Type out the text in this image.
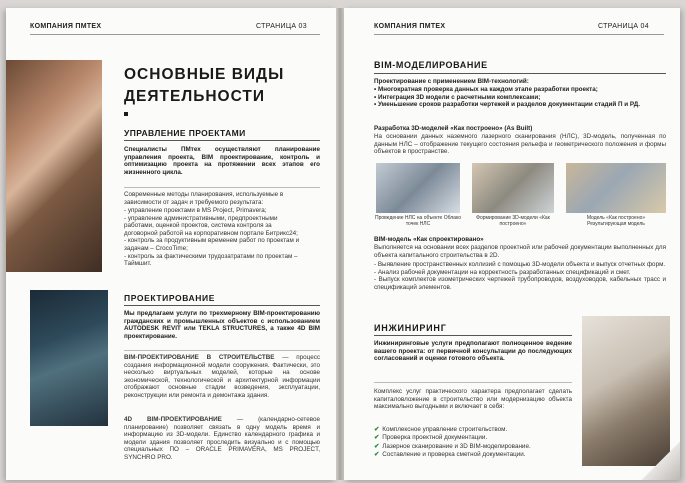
КОМПАНИЯ ПМТЕХ	СТРАНИЦА 03
ОСНОВНЫЕ ВИДЫ
ДЕЯТЕЛЬНОСТИ
УПРАВЛЕНИЕ ПРОЕКТАМИ
Специалисты ПМтех осуществляют планирование управления проекта, BIM проектирование, контроль и оптимизацию проекта на протяжении всех этапов его жизненного цикла.
Современные методы планирования, используемые в зависимости от задач и требуемого результата:
- управление проектами в MS Project, Primavera;
- управление административными, предпроектными работами, оценкой проектов, система контроля за договорной работой на корпоративном портале Битрикс24;
- контроль за продуктивным временем работ по проектам и задачам – CrocoTime;
- контроль за фактическими трудозатратами по проектам – Таймшит.
ПРОЕКТИРОВАНИЕ
Мы предлагаем услуги по трехмерному BIM-проектированию гражданских и промышленных объектов с использованием AUTODESK REVIT или TEKLA STRUCTURES, а также 4D BIM проектирование.
BIM-ПРОЕКТИРОВАНИЕ В СТРОИТЕЛЬСТВЕ — процесс создания информационной модели сооружения. Фактически, это несколько виртуальных моделей, которые на основе экономической, технологической и архитектурной информации отображают основные стадии возведения, эксплуатации, реконструкции или ремонта и демонтажа здания.
4D BIM-ПРОЕКТИРОВАНИЕ — (календарно-сетевое планирование) позволяет связать в одну модель время и информацию из 3D-модели. Единство календарного графика и модели здания позволяет проследить визуально и с помощью специальных ПО – ORACLE PRIMAVERA, MS PROJECT, SYNCHRO PRO.
КОМПАНИЯ ПМТЕХ	СТРАНИЦА 04
BIM-МОДЕЛИРОВАНИЕ
Проектирование с применением BIM-технологий:
• Многократная проверка данных на каждом этапе разработки проекта;
• Интеграция 3D модели с расчетными комплексами;
• Уменьшение сроков разработки чертежей и разделов документации стадий П и РД.
Разработка 3D-моделей «Как построено» (As Built)
На основании данных наземного лазерного сканирования (НЛС), 3D-модель, полученная по данным НЛС – отображение текущего состояния рельефа и геометрического положения и формы объектов в пространстве.
Проведение НЛС на объекте Облако точек НЛС
Формирование 3D-модели «Как построено»
Модель «Как построено» Результирующая модель
BIM-модель «Как спроектировано»
Выполняется на основании всех разделов проектной или рабочей документации выполненных для объекта капитального строительства в 2D.
- Выявление пространственных коллизий с помощью 3D-модели объекта и выпуск отчетных форм.
- Анализ рабочей документации на корректность разработанных спецификаций и смет.
- Выпуск комплектов изометрических чертежей трубопроводов, воздуховодов, кабельных трасс и спецификаций элементов.
ИНЖИНИРИНГ
Инжиниринговые услуги предполагают полноценное ведение вашего проекта: от первичной консультации до последующих согласований и оценки готового объекта.
Комплекс услуг практического характера предполагает сделать капиталовложение в строительство или модернизацию объекта максимально выгодными и включает в себя:
✔ Комплексное управление строительством.
✔ Проверка проектной документации.
✔ Лазерное сканирование и 3D BIM-моделирование.
✔ Составление и проверка сметной документации.
